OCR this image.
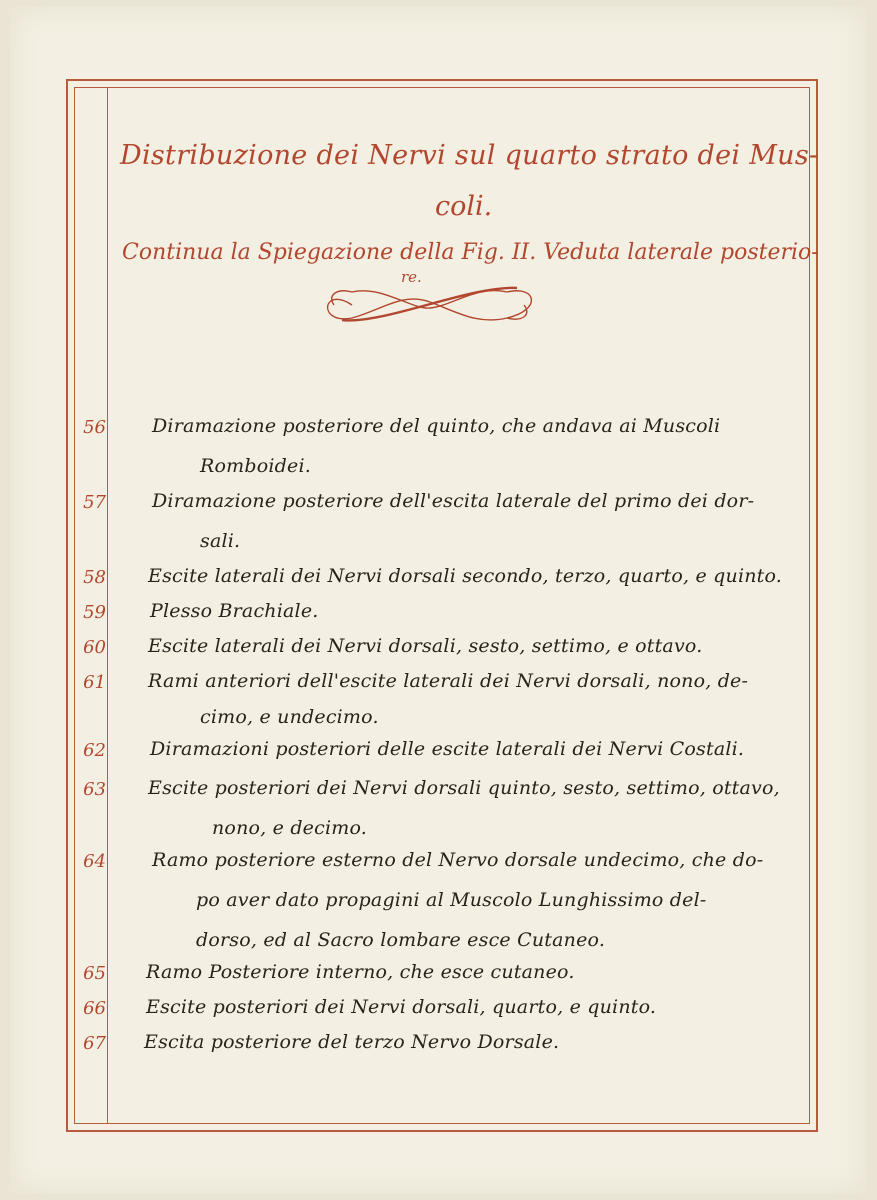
Distribuzione dei Nervi sul quarto strato dei Mus-
coli.
Continua la Spiegazione della Fig. II. Veduta laterale posterio-
re.
56 Diramazione posteriore del quinto, che andava ai Muscoli
Romboidei.
57 Diramazione posteriore dell'escita laterale del primo dei dor-
sali.
58 Escite laterali dei Nervi dorsali secondo, terzo, quarto, e quinto.
59 Plesso Brachiale.
60 Escite laterali dei Nervi dorsali, sesto, settimo, e ottavo.
61 Rami anteriori dell'escite laterali dei Nervi dorsali, nono, de-
cimo, e undecimo.
62 Diramazioni posteriori delle escite laterali dei Nervi Costali.
63 Escite posteriori dei Nervi dorsali quinto, sesto, settimo, ottavo,
nono, e decimo.
64 Ramo posteriore esterno del Nervo dorsale undecimo, che do-
po aver dato propagini al Muscolo Lunghissimo del-
dorso, ed al Sacro lombare esce Cutaneo.
65 Ramo Posteriore interno, che esce cutaneo.
66 Escite posteriori dei Nervi dorsali, quarto, e quinto.
67 Escita posteriore del terzo Nervo Dorsale.
